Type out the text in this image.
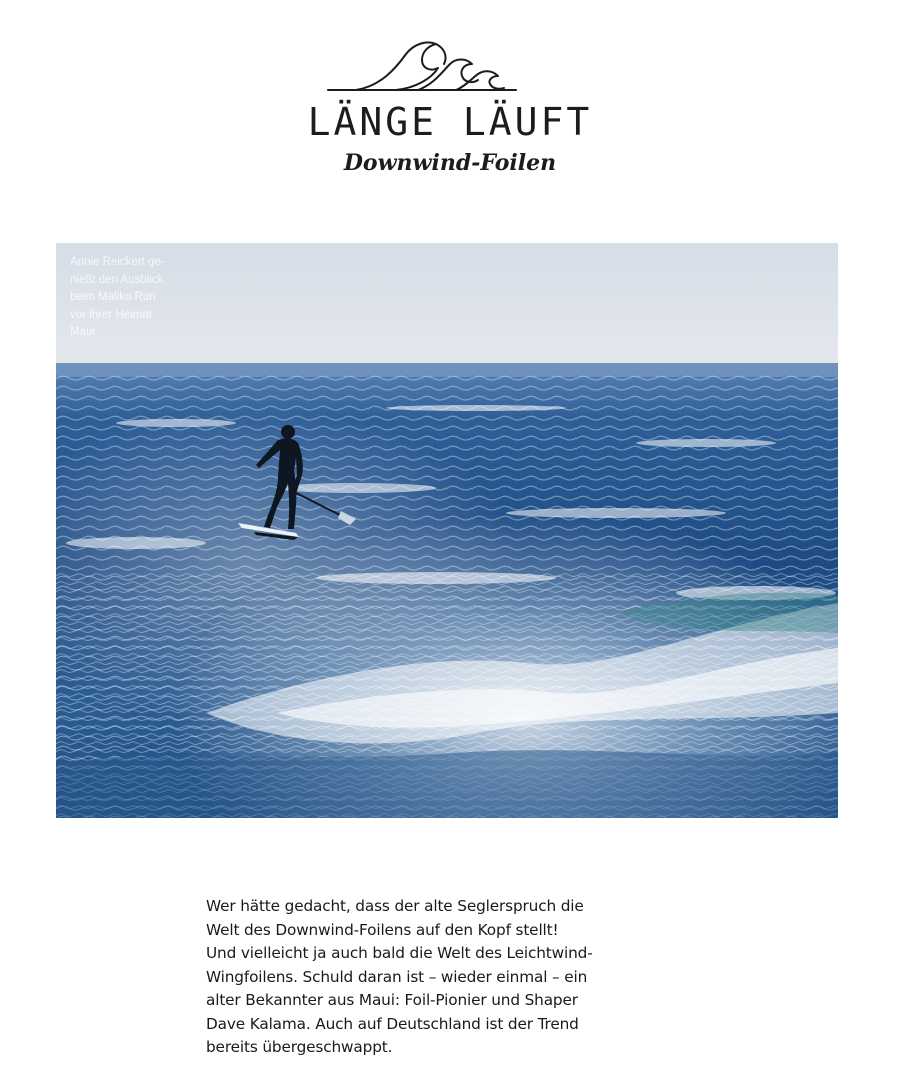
LÄNGE LÄUFT
Downwind-Foilen
Annie Reickert ge-
nießt den Ausblick
beim Maliko Run
vor ihrer Heimat
Maui

Wer hätte gedacht, dass der alte Seglerspruch die
Welt des Downwind-Foilens auf den Kopf stellt!
Und vielleicht ja auch bald die Welt des Leichtwind-
Wingfoilens. Schuld daran ist – wieder einmal – ein
alter Bekannter aus Maui: Foil-Pionier und Shaper
Dave Kalama. Auch auf Deutschland ist der Trend
bereits übergeschwappt.
